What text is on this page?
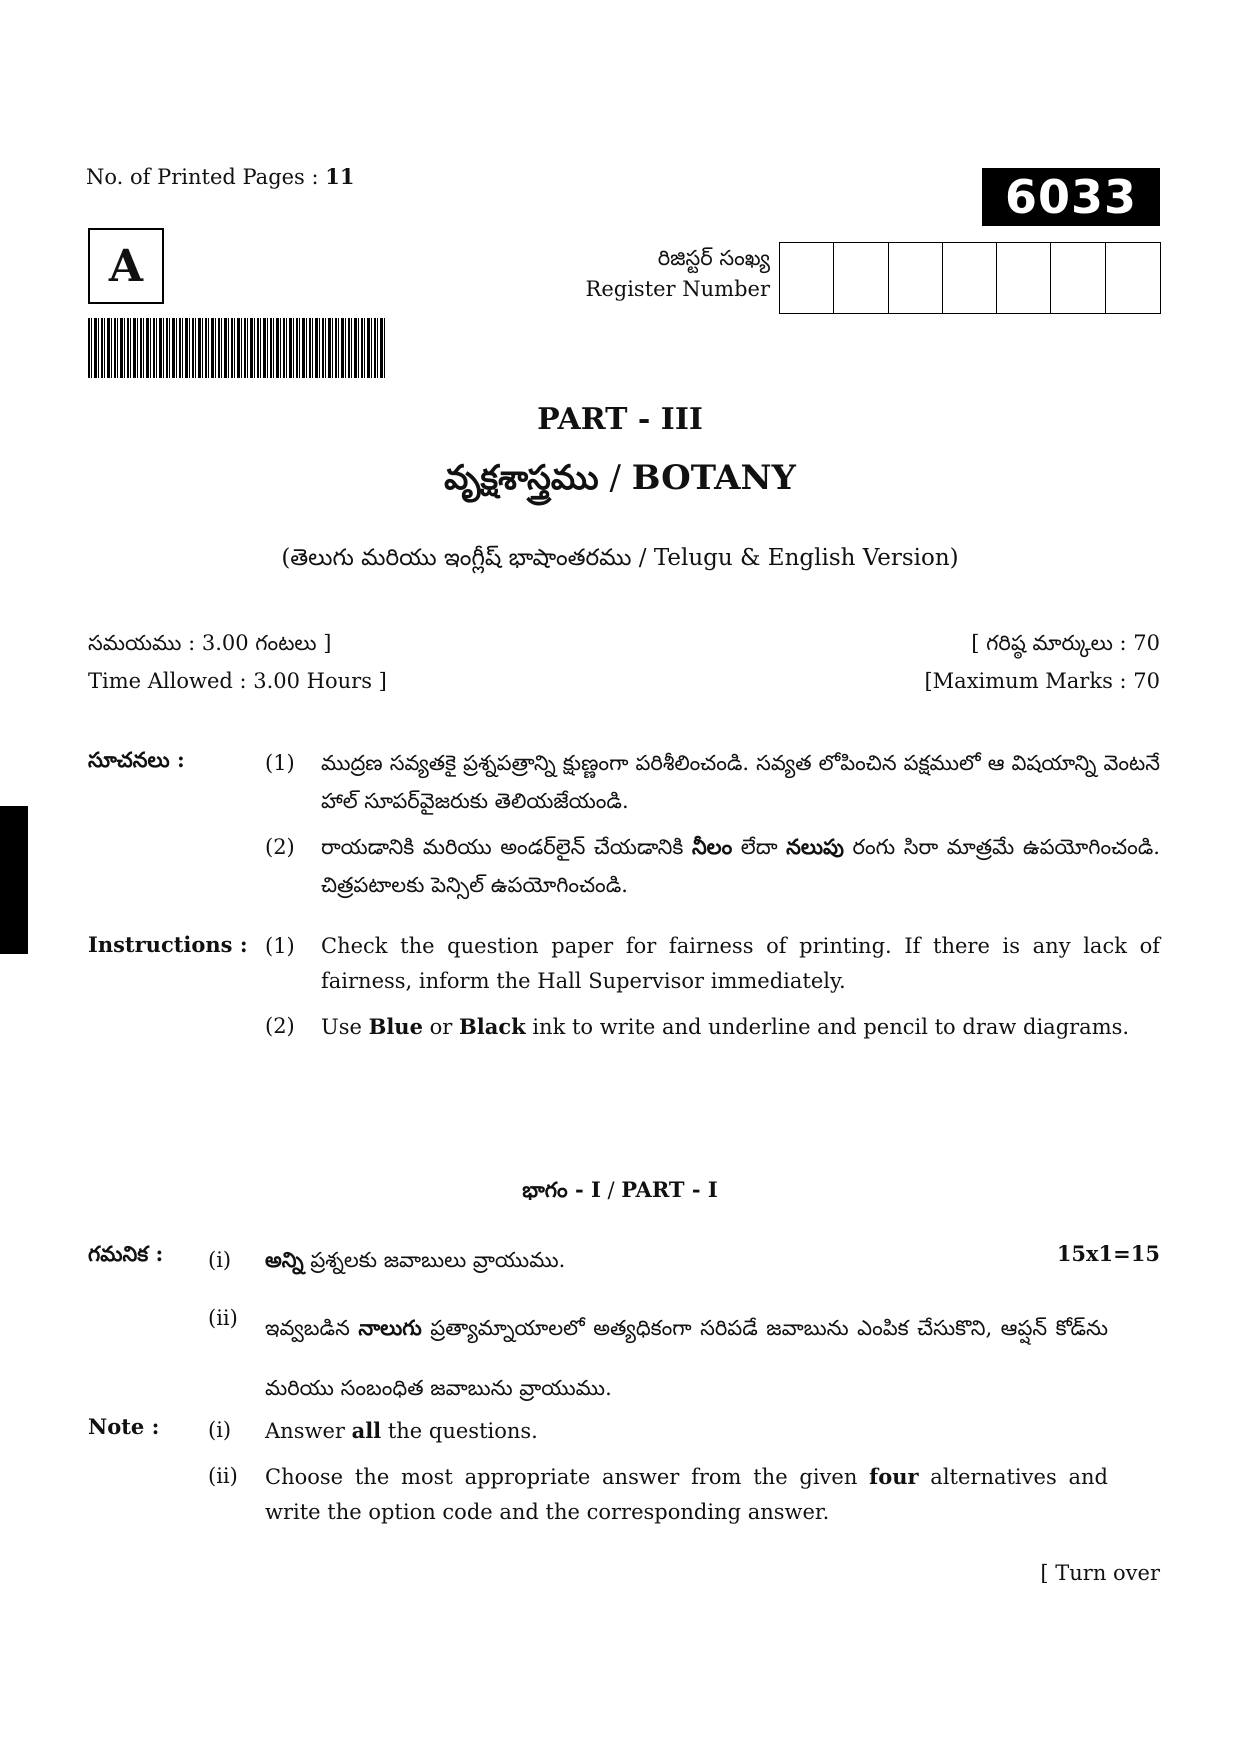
No. of Printed Pages : 11	6033
A	రిజిస్టర్ సంఖ్య
Register Number
PART - III
వృక్షశాస్త్రము / BOTANY
(తెలుగు మరియు ఇంగ్లీష్ భాషాంతరము / Telugu & English Version)
సమయము : 3.00 గంటలు ]
Time Allowed : 3.00 Hours ]
[ గరిష్ఠ మార్కులు : 70
[Maximum Marks : 70
సూచనలు :	(1)	ముద్రణ సవ్యతకై ప్రశ్నపత్రాన్ని క్షుణ్ణంగా పరిశీలించండి. సవ్యత లోపించిన పక్షములో ఆ విషయాన్ని వెంటనే హాల్ సూపర్‌వైజరుకు తెలియజేయండి.
(2)	రాయడానికి మరియు అండర్‌లైన్ చేయడానికి నీలం లేదా నలుపు రంగు సిరా మాత్రమే ఉపయోగించండి. చిత్రపటాలకు పెన్సిల్ ఉపయోగించండి.
Instructions : (1)	Check the question paper for fairness of printing. If there is any lack of fairness, inform the Hall Supervisor immediately.
(2)	Use Blue or Black ink to write and underline and pencil to draw diagrams.
భాగం - I / PART - I
గమనిక :	15x1=15
(i)	అన్ని ప్రశ్నలకు జవాబులు వ్రాయుము.
(ii)	ఇవ్వబడిన నాలుగు ప్రత్యామ్నాయాలలో అత్యధికంగా సరిపడే జవాబును ఎంపిక చేసుకొని, ఆప్షన్ కోడ్‌ను మరియు సంబంధిత జవాబును వ్రాయుము.
Note : (i)	Answer all the questions.
(ii)	Choose the most appropriate answer from the given four alternatives and write the option code and the corresponding answer.
[ Turn over
